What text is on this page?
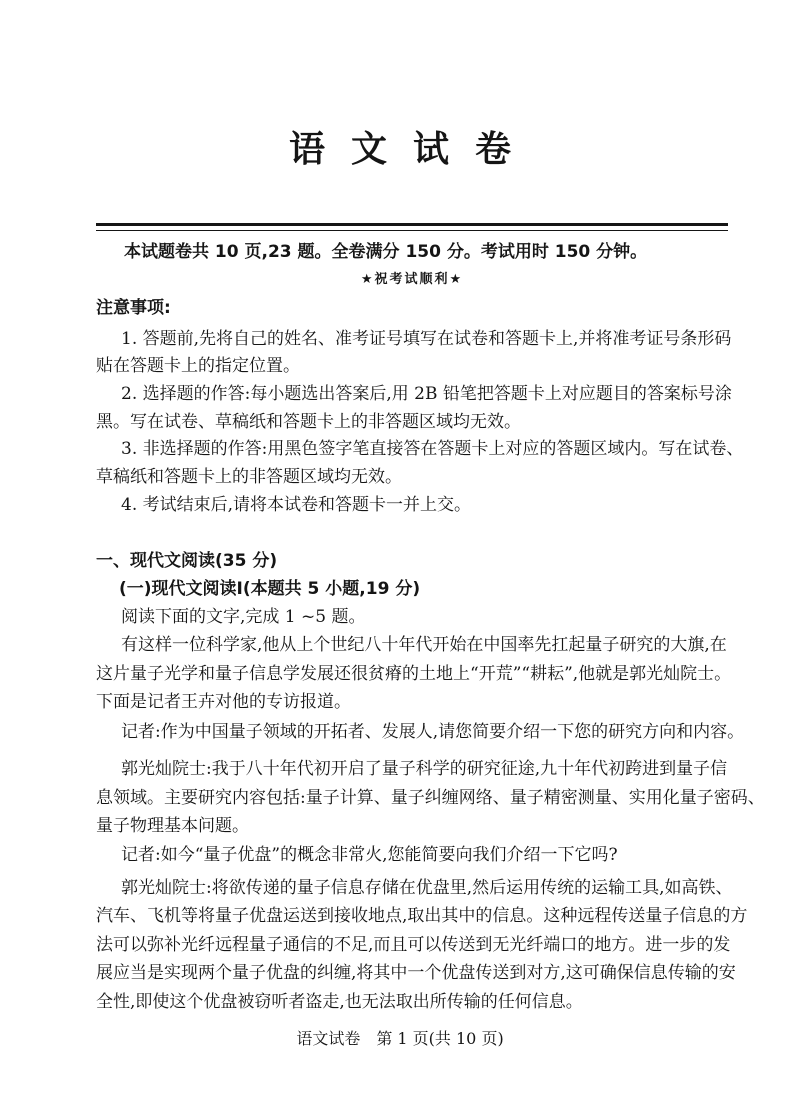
语文试卷
本试题卷共 10 页,23 题。全卷满分 150 分。考试用时 150 分钟。
★祝考试顺利★
注意事项:
1. 答题前,先将自己的姓名、准考证号填写在试卷和答题卡上,并将准考证号条形码
贴在答题卡上的指定位置。
2. 选择题的作答:每小题选出答案后,用 2B 铅笔把答题卡上对应题目的答案标号涂
黑。写在试卷、草稿纸和答题卡上的非答题区域均无效。
3. 非选择题的作答:用黑色签字笔直接答在答题卡上对应的答题区域内。写在试卷、
草稿纸和答题卡上的非答题区域均无效。
4. 考试结束后,请将本试卷和答题卡一并上交。
一、现代文阅读(35 分)
(一)现代文阅读Ⅰ(本题共 5 小题,19 分)
阅读下面的文字,完成 1 ~5 题。
有这样一位科学家,他从上个世纪八十年代开始在中国率先扛起量子研究的大旗,在
这片量子光学和量子信息学发展还很贫瘠的土地上“开荒”“耕耘”,他就是郭光灿院士。
下面是记者王卉对他的专访报道。
记者:作为中国量子领域的开拓者、发展人,请您简要介绍一下您的研究方向和内容。
郭光灿院士:我于八十年代初开启了量子科学的研究征途,九十年代初跨进到量子信
息领域。主要研究内容包括:量子计算、量子纠缠网络、量子精密测量、实用化量子密码、
量子物理基本问题。
记者:如今“量子优盘”的概念非常火,您能简要向我们介绍一下它吗?
郭光灿院士:将欲传递的量子信息存储在优盘里,然后运用传统的运输工具,如高铁、
汽车、飞机等将量子优盘运送到接收地点,取出其中的信息。这种远程传送量子信息的方
法可以弥补光纤远程量子通信的不足,而且可以传送到无光纤端口的地方。进一步的发
展应当是实现两个量子优盘的纠缠,将其中一个优盘传送到对方,这可确保信息传输的安
全性,即使这个优盘被窃听者盗走,也无法取出所传输的任何信息。
语文试卷　第 1 页(共 10 页)
